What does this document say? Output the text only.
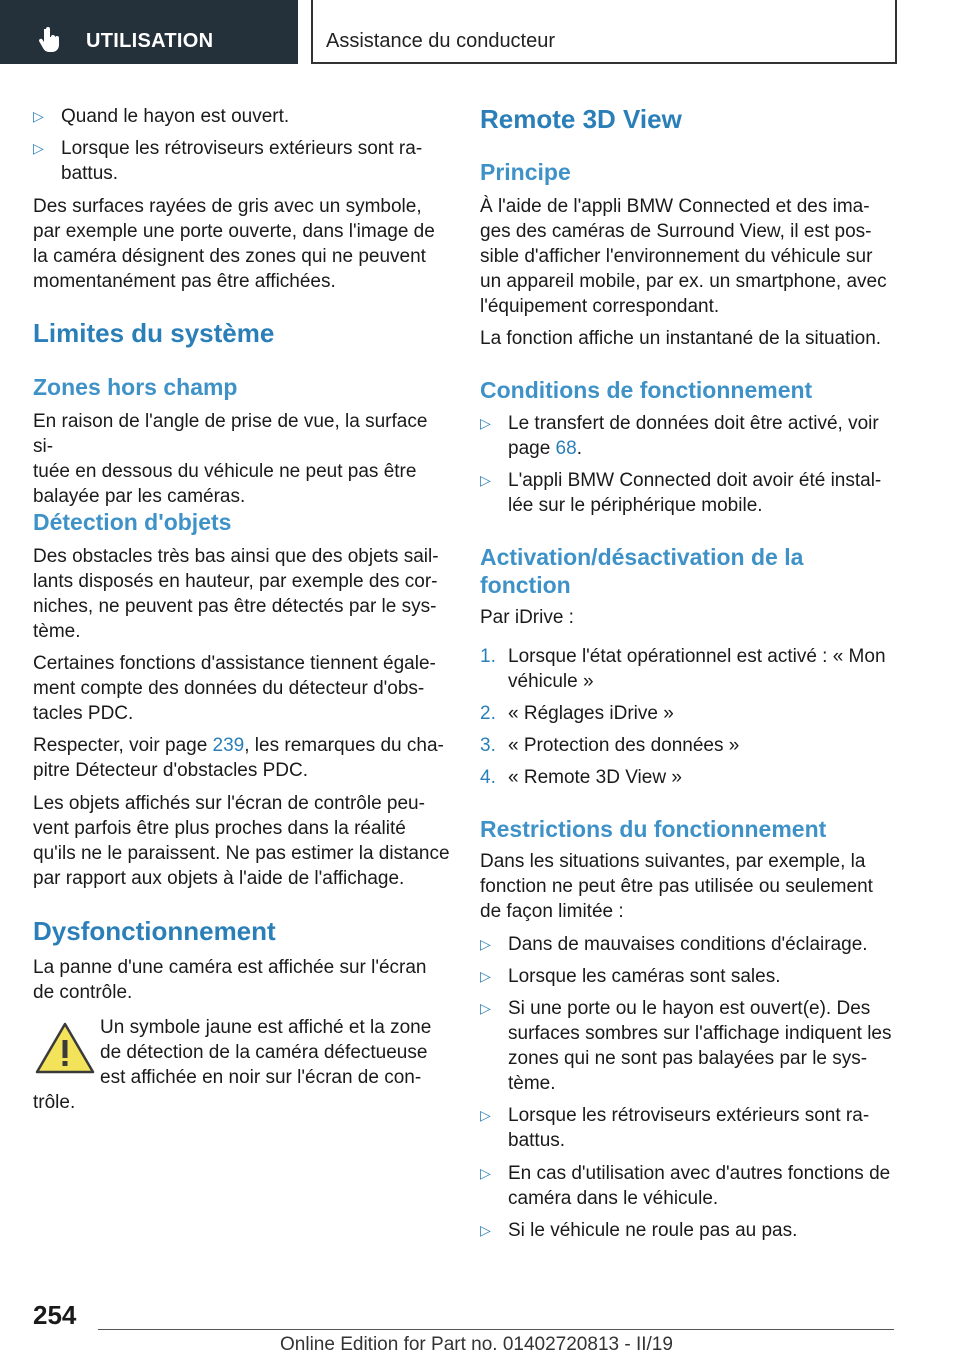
UTILISATION	Assistance du conducteur
▷ Quand le hayon est ouvert.
▷ Lorsque les rétroviseurs extérieurs sont ra-
battus.
Des surfaces rayées de gris avec un symbole,
par exemple une porte ouverte, dans l'image de
la caméra désignent des zones qui ne peuvent
momentanément pas être affichées.
Limites du système
Zones hors champ
En raison de l'angle de prise de vue, la surface si-
tuée en dessous du véhicule ne peut pas être
balayée par les caméras.
Détection d'objets
Des obstacles très bas ainsi que des objets sail-
lants disposés en hauteur, par exemple des cor-
niches, ne peuvent pas être détectés par le sys-
tème.
Certaines fonctions d'assistance tiennent égale-
ment compte des données du détecteur d'obs-
tacles PDC.
Respecter, voir page 239, les remarques du cha-
pitre Détecteur d'obstacles PDC.
Les objets affichés sur l'écran de contrôle peu-
vent parfois être plus proches dans la réalité
qu'ils ne le paraissent. Ne pas estimer la distance
par rapport aux objets à l'aide de l'affichage.
Dysfonctionnement
La panne d'une caméra est affichée sur l'écran
de contrôle.
Un symbole jaune est affiché et la zone
de détection de la caméra défectueuse
est affichée en noir sur l'écran de con-
trôle.
Remote 3D View
Principe
À l'aide de l'appli BMW Connected et des ima-
ges des caméras de Surround View, il est pos-
sible d'afficher l'environnement du véhicule sur
un appareil mobile, par ex. un smartphone, avec
l'équipement correspondant.
La fonction affiche un instantané de la situation.
Conditions de fonctionnement
▷ Le transfert de données doit être activé, voir
page 68.
▷ L'appli BMW Connected doit avoir été instal-
lée sur le périphérique mobile.
Activation/désactivation de la
fonction
Par iDrive :
1. Lorsque l'état opérationnel est activé : « Mon
véhicule »
2. « Réglages iDrive »
3. « Protection des données »
4. « Remote 3D View »
Restrictions du fonctionnement
Dans les situations suivantes, par exemple, la
fonction ne peut être pas utilisée ou seulement
de façon limitée :
▷ Dans de mauvaises conditions d'éclairage.
▷ Lorsque les caméras sont sales.
▷ Si une porte ou le hayon est ouvert(e). Des
surfaces sombres sur l'affichage indiquent les
zones qui ne sont pas balayées par le sys-
tème.
▷ Lorsque les rétroviseurs extérieurs sont ra-
battus.
▷ En cas d'utilisation avec d'autres fonctions de
caméra dans le véhicule.
▷ Si le véhicule ne roule pas au pas.
254
Online Edition for Part no. 01402720813 - II/19
